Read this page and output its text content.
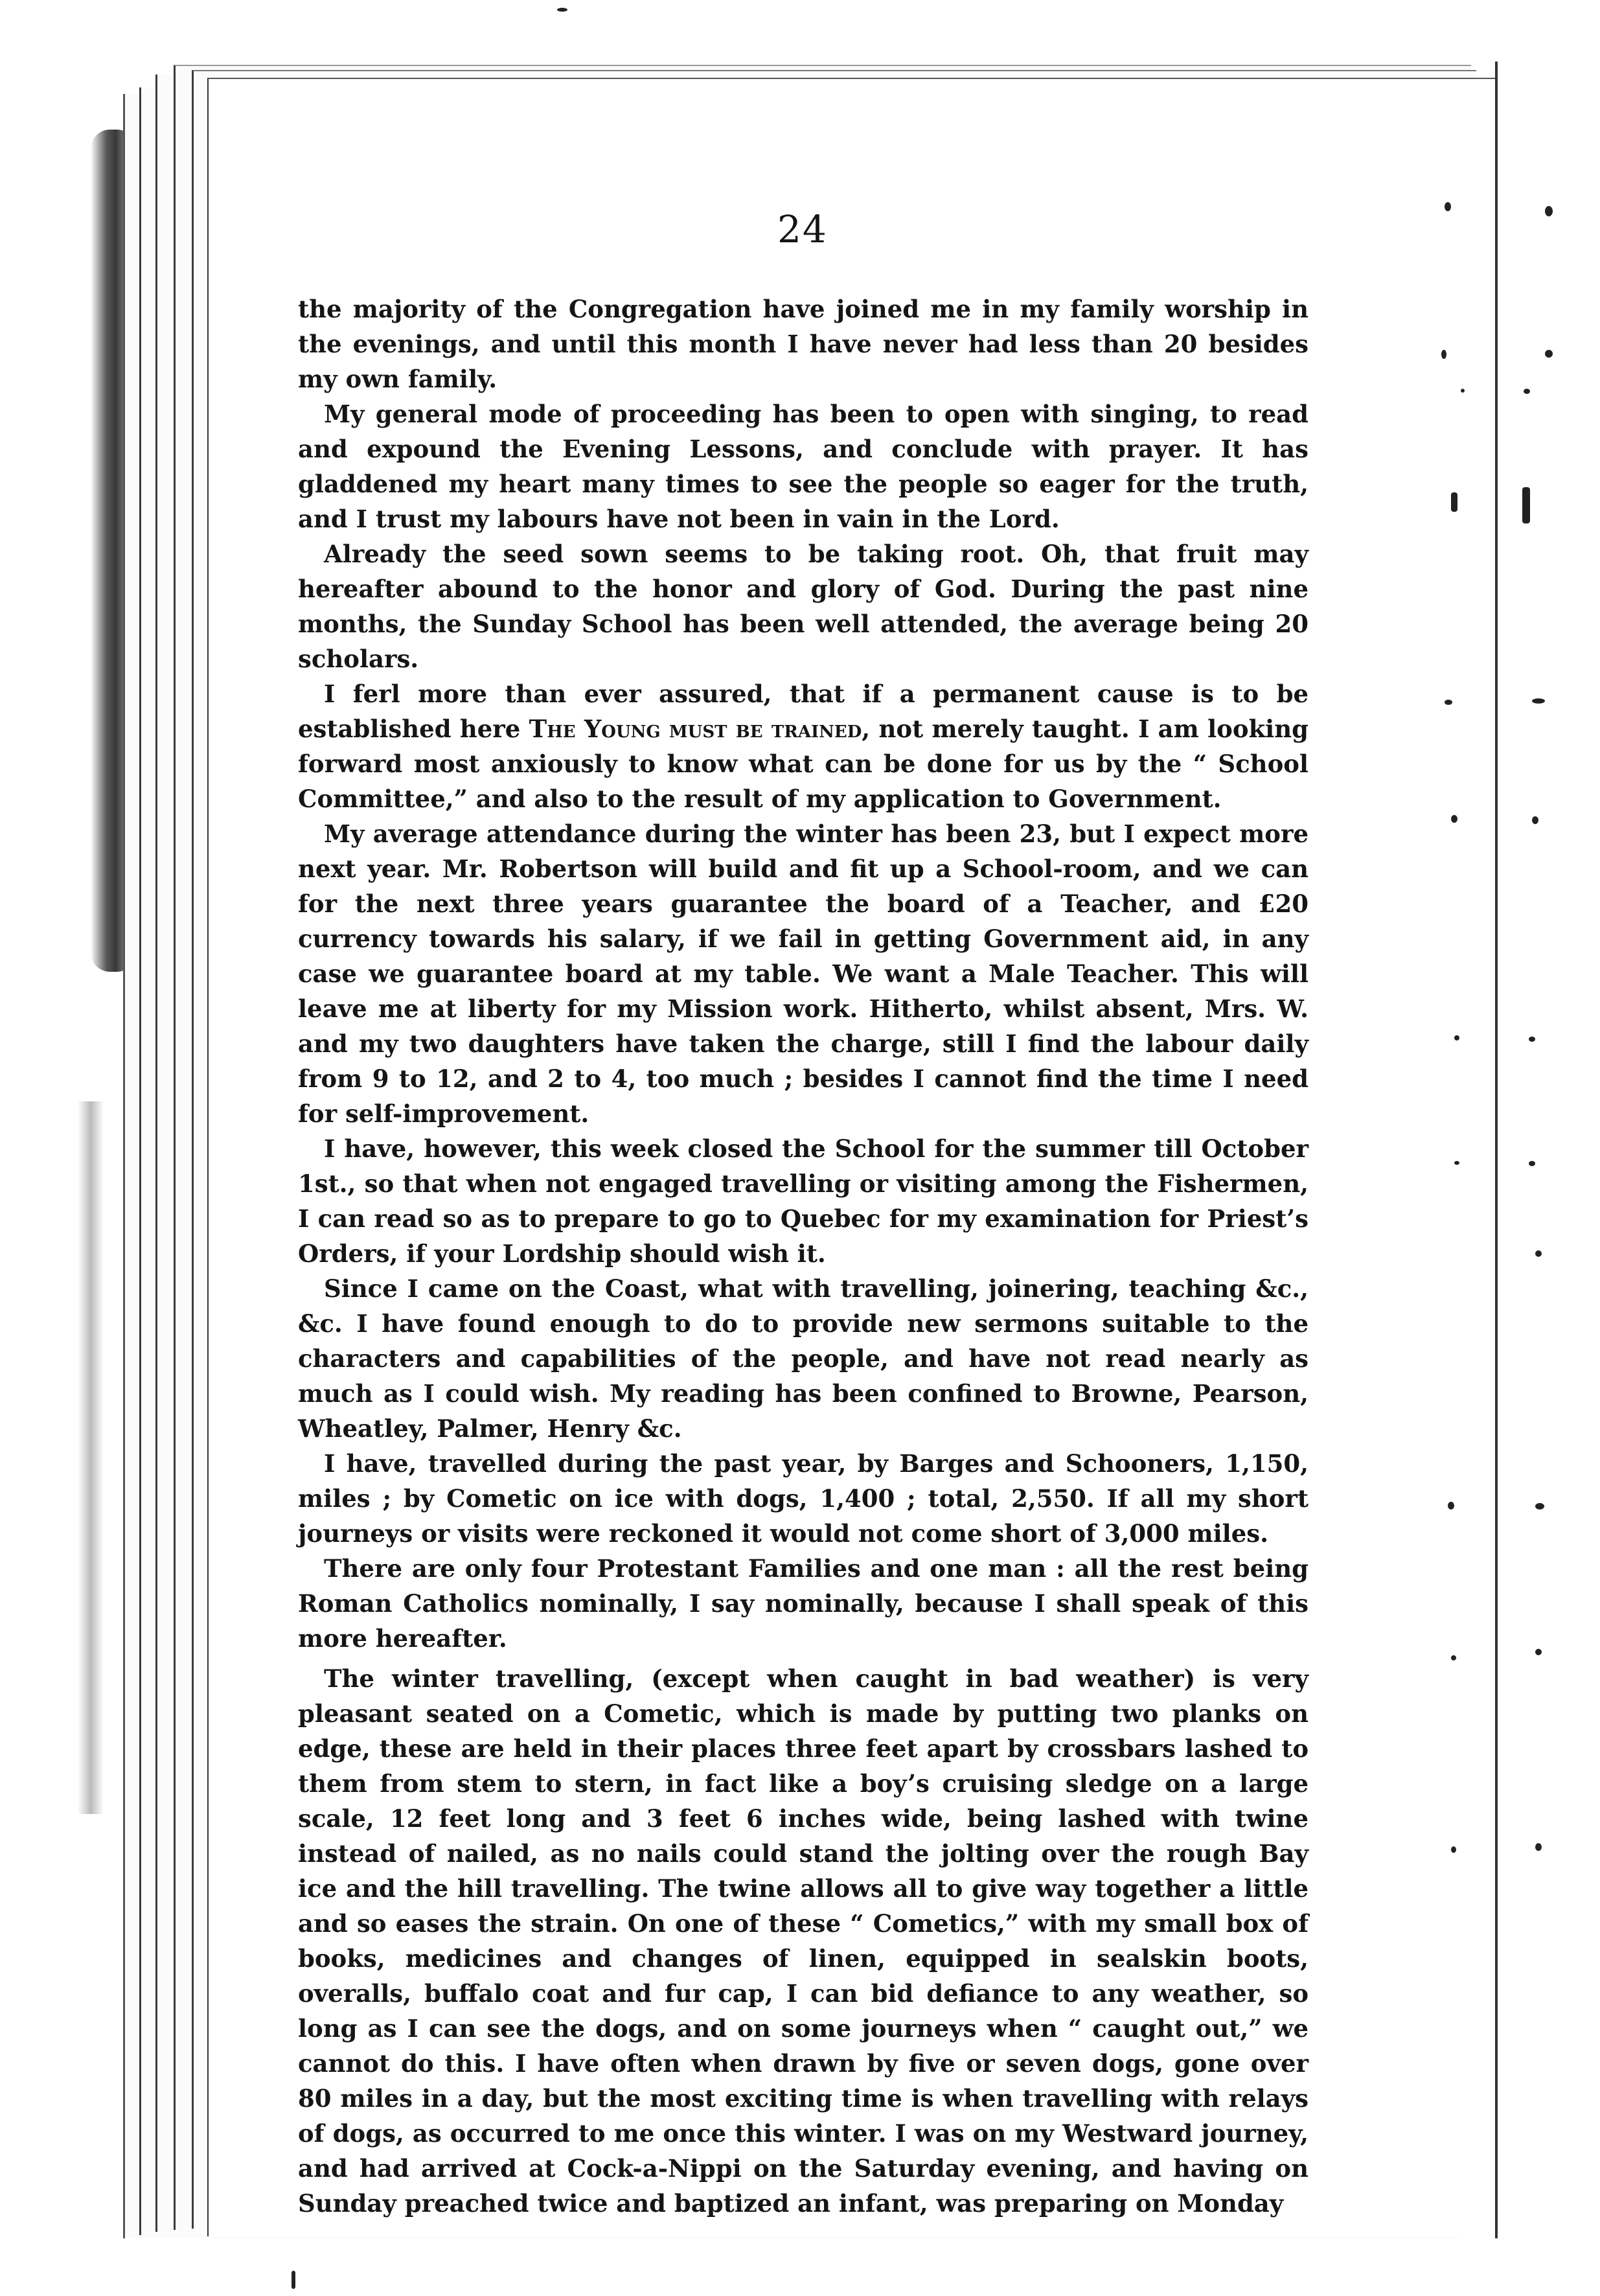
24

the majority of the Congregation have joined me in my family worship in the evenings, and until this month I have never had less than 20 besides my own family.

My general mode of proceeding has been to open with singing, to read and expound the Evening Lessons, and conclude with prayer. It has gladdened my heart many times to see the people so eager for the truth, and I trust my labours have not been in vain in the Lord.

Already the seed sown seems to be taking root. Oh, that fruit may hereafter abound to the honor and glory of God. During the past nine months, the Sunday School has been well attended, the average being 20 scholars.

I ferl more than ever assured, that if a permanent cause is to be established here The Young must be trained, not merely taught. I am looking forward most anxiously to know what can be done for us by the “ School Committee,” and also to the result of my application to Government.

My average attendance during the winter has been 23, but I expect more next year. Mr. Robertson will build and fit up a School-room, and we can for the next three years guarantee the board of a Teacher, and £20 currency towards his salary, if we fail in getting Government aid, in any case we guarantee board at my table. We want a Male Teacher. This will leave me at liberty for my Mission work. Hitherto, whilst absent, Mrs. W. and my two daughters have taken the charge, still I find the labour daily from 9 to 12, and 2 to 4, too much ; besides I cannot find the time I need for self-improvement.

I have, however, this week closed the School for the summer till October 1st., so that when not engaged travelling or visiting among the Fishermen, I can read so as to prepare to go to Quebec for my examination for Priest’s Orders, if your Lordship should wish it.

Since I came on the Coast, what with travelling, joinering, teaching &c., &c. I have found enough to do to provide new sermons suitable to the characters and capabilities of the people, and have not read nearly as much as I could wish. My reading has been confined to Browne, Pearson, Wheatley, Palmer, Henry &c.

I have, travelled during the past year, by Barges and Schooners, 1,150, miles ; by Cometic on ice with dogs, 1,400 ; total, 2,550. If all my short journeys or visits were reckoned it would not come short of 3,000 miles.

There are only four Protestant Families and one man : all the rest being Roman Catholics nominally, I say nominally, because I shall speak of this more hereafter.

The winter travelling, (except when caught in bad weather) is very pleasant seated on a Cometic, which is made by putting two planks on edge, these are held in their places three feet apart by crossbars lashed to them from stem to stern, in fact like a boy’s cruising sledge on a large scale, 12 feet long and 3 feet 6 inches wide, being lashed with twine instead of nailed, as no nails could stand the jolting over the rough Bay ice and the hill travelling. The twine allows all to give way together a little and so eases the strain. On one of these “ Cometics,” with my small box of books, medicines and changes of linen, equipped in sealskin boots, overalls, buffalo coat and fur cap, I can bid defiance to any weather, so long as I can see the dogs, and on some journeys when “ caught out,” we cannot do this. I have often when drawn by five or seven dogs, gone over 80 miles in a day, but the most exciting time is when travelling with relays of dogs, as occurred to me once this winter. I was on my Westward journey, and had arrived at Cock-a-Nippi on the Saturday evening, and having on Sunday preached twice and baptized an infant, was preparing on Monday
